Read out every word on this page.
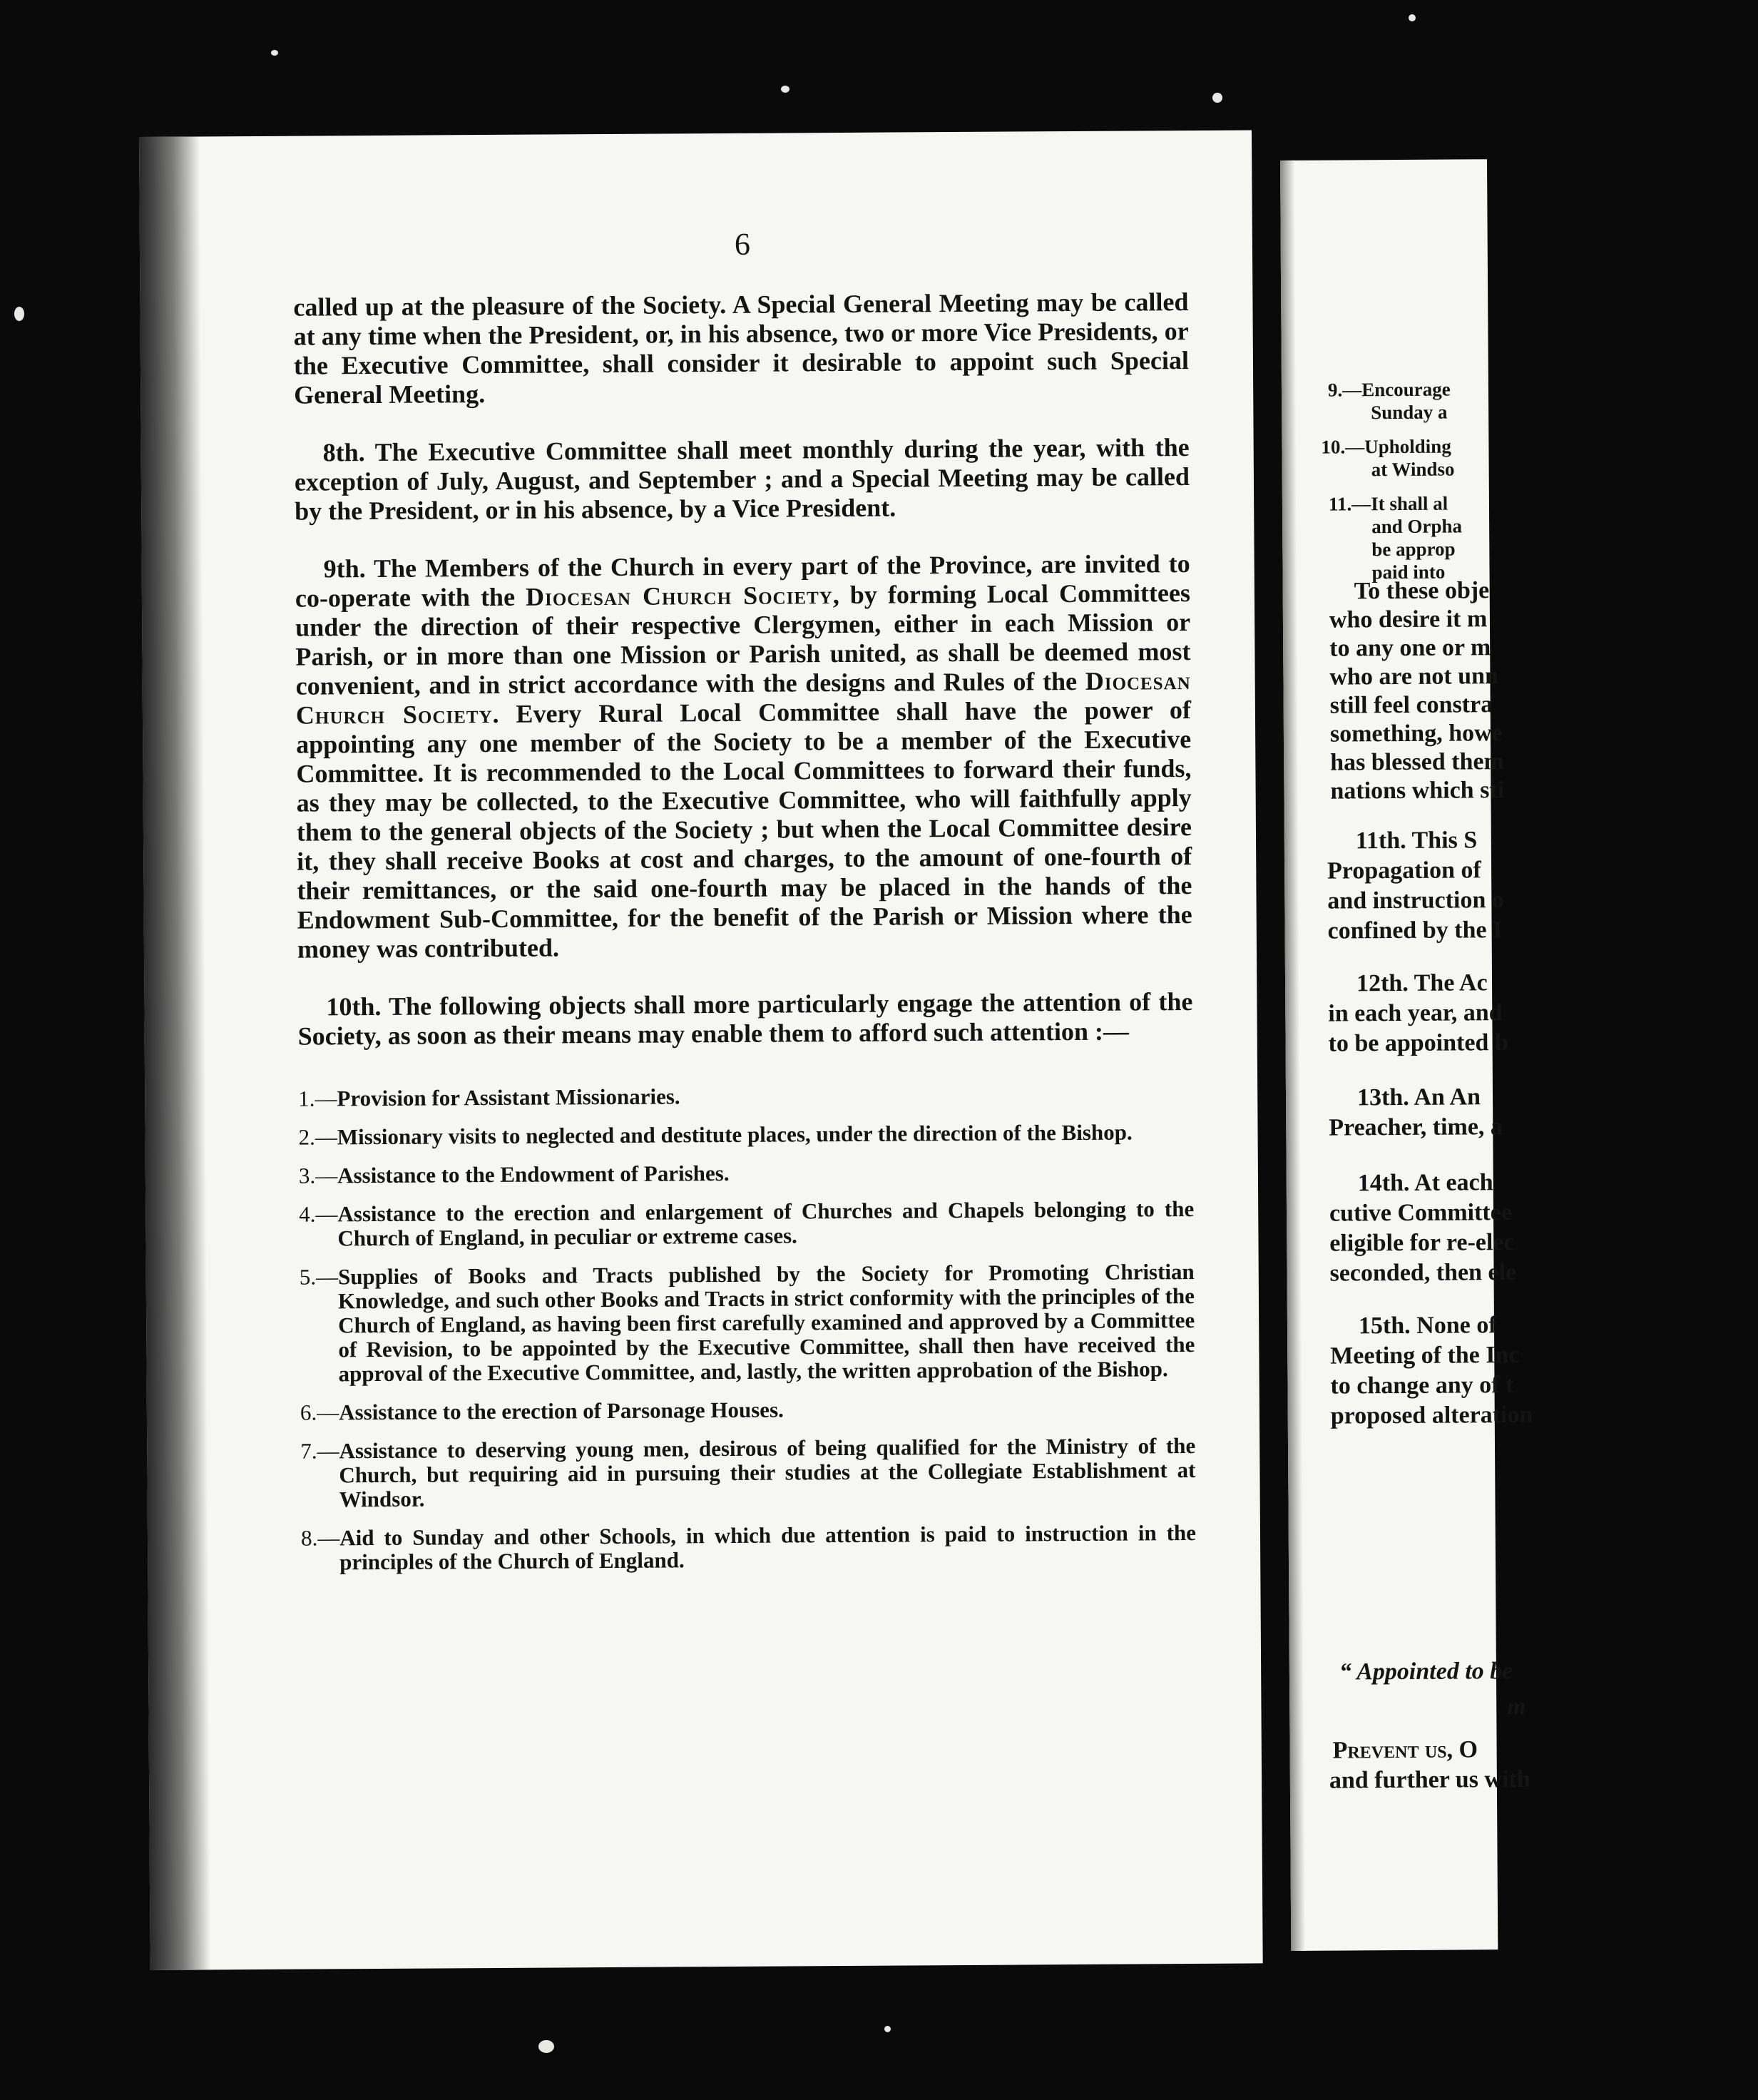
6

called up at the pleasure of the Society. A Special General Meeting may be called at any time when the President, or, in his absence, two or more Vice Presidents, or the Executive Committee, shall consider it desirable to appoint such Special General Meeting.

8th. The Executive Committee shall meet monthly during the year, with the exception of July, August, and September ; and a Special Meeting may be called by the President, or in his absence, by a Vice President.

9th. The Members of the Church in every part of the Province, are invited to co-operate with the Diocesan Church Society, by forming Local Committees under the direction of their respective Clergymen, either in each Mission or Parish, or in more than one Mission or Parish united, as shall be deemed most convenient, and in strict accordance with the designs and Rules of the Diocesan Church Society. Every Rural Local Committee shall have the power of appointing any one member of the Society to be a member of the Executive Committee. It is recommended to the Local Committees to forward their funds, as they may be collected, to the Executive Committee, who will faithfully apply them to the general objects of the Society ; but when the Local Committee desire it, they shall receive Books at cost and charges, to the amount of one-fourth of their remittances, or the said one-fourth may be placed in the hands of the Endowment Sub-Committee, for the benefit of the Parish or Mission where the money was contributed.

10th. The following objects shall more particularly engage the attention of the Society, as soon as their means may enable them to afford such attention :—

1.—Provision for Assistant Missionaries.
2.—Missionary visits to neglected and destitute places, under the direction of the Bishop.
3.—Assistance to the Endowment of Parishes.
4.—Assistance to the erection and enlargement of Churches and Chapels belonging to the Church of England, in peculiar or extreme cases.
5.—Supplies of Books and Tracts published by the Society for Promoting Christian Knowledge, and such other Books and Tracts in strict conformity with the principles of the Church of England, as having been first carefully examined and approved by a Committee of Revision, to be appointed by the Executive Committee, shall then have received the approval of the Executive Committee, and, lastly, the written approbation of the Bishop.
6.—Assistance to the erection of Parsonage Houses.
7.—Assistance to deserving young men, desirous of being qualified for the Ministry of the Church, but requiring aid in pursuing their studies at the Collegiate Establishment at Windsor.
8.—Aid to Sunday and other Schools, in which due attention is paid to instruction in the principles of the Church of England.
9.—Encourage
Sunday a
10.—Upholding
at Windso
11.—It shall al
and Orpha
be approp
paid into
To these obje
who desire it m
to any one or m
who are not unn
still feel constra
something, howe
has blessed them
nations which sti
11th. This S
Propagation of
and instruction o
confined by the I
12th. The Ac
in each year, and
to be appointed b
13th. An An
Preacher, time, a
14th. At each
cutive Committee
eligible for re-elec
seconded, then ele
15th. None of
Meeting of the Inc
to change any of t
proposed alteration
“ Appointed to be
m
Prevent us, O
and further us with
